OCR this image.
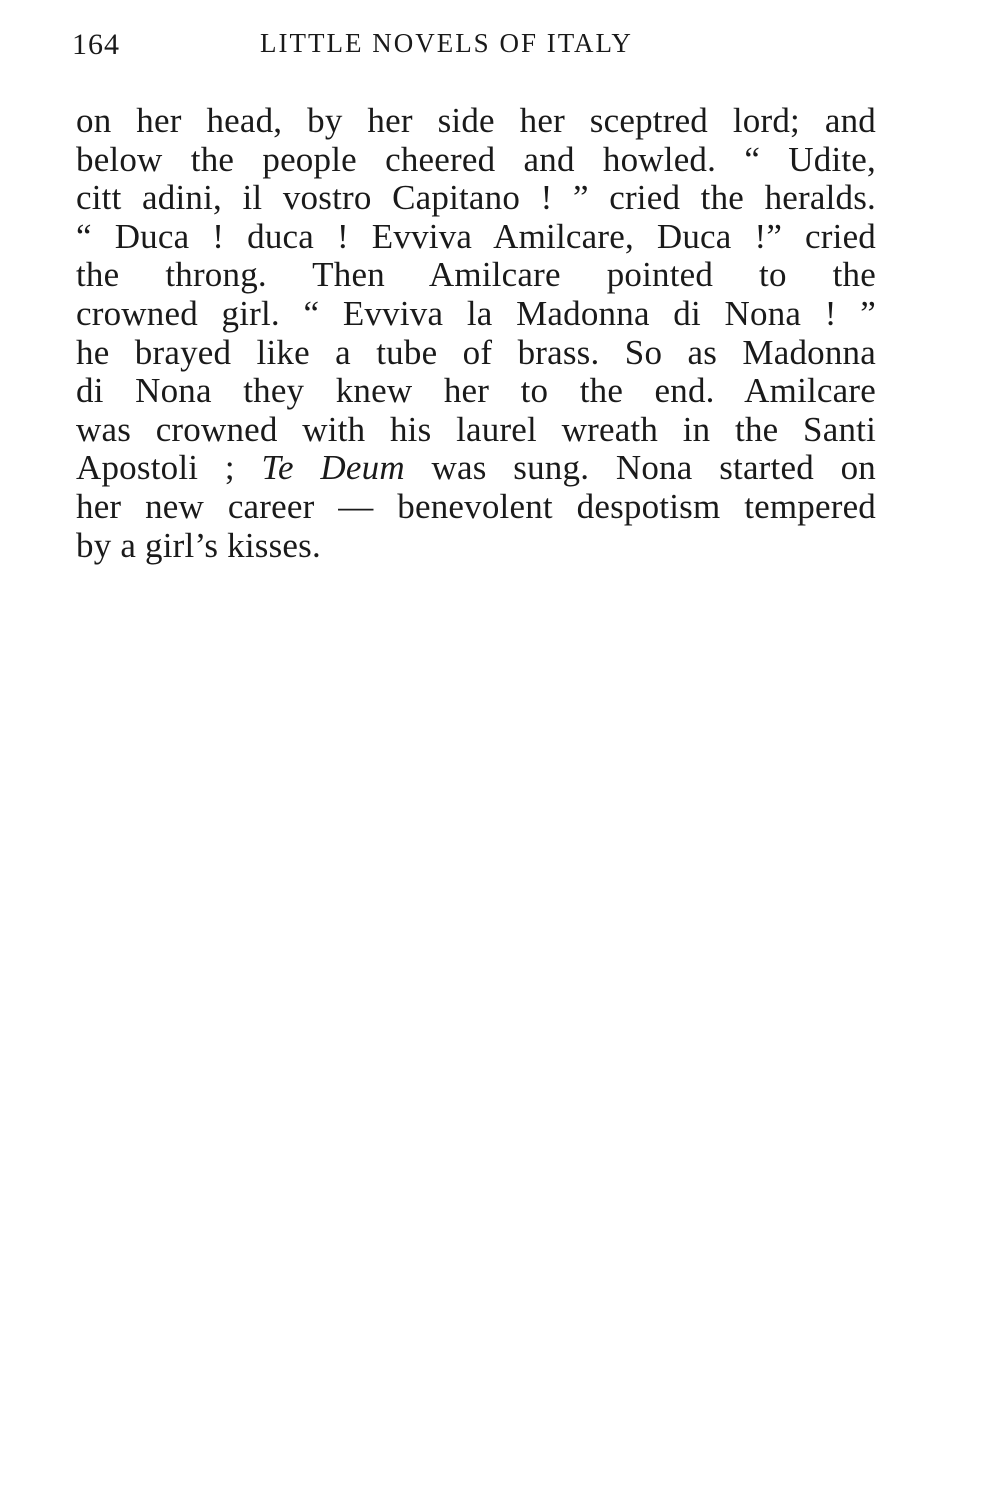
164	LITTLE NOVELS OF ITALY
on her head, by her side her sceptred lord; and
below the people cheered and howled. “ Udite,
citt adini, il vostro Capitano ! ” cried the heralds.
“ Duca ! duca ! Evviva Amilcare, Duca !” cried
the throng. Then Amilcare pointed to the
crowned girl. “ Evviva la Madonna di Nona ! ”
he brayed like a tube of brass. So as Madonna
di Nona they knew her to the end. Amilcare
was crowned with his laurel wreath in the Santi
Apostoli ; Te Deum was sung. Nona started on
her new career — benevolent despotism tempered
by a girl’s kisses.
